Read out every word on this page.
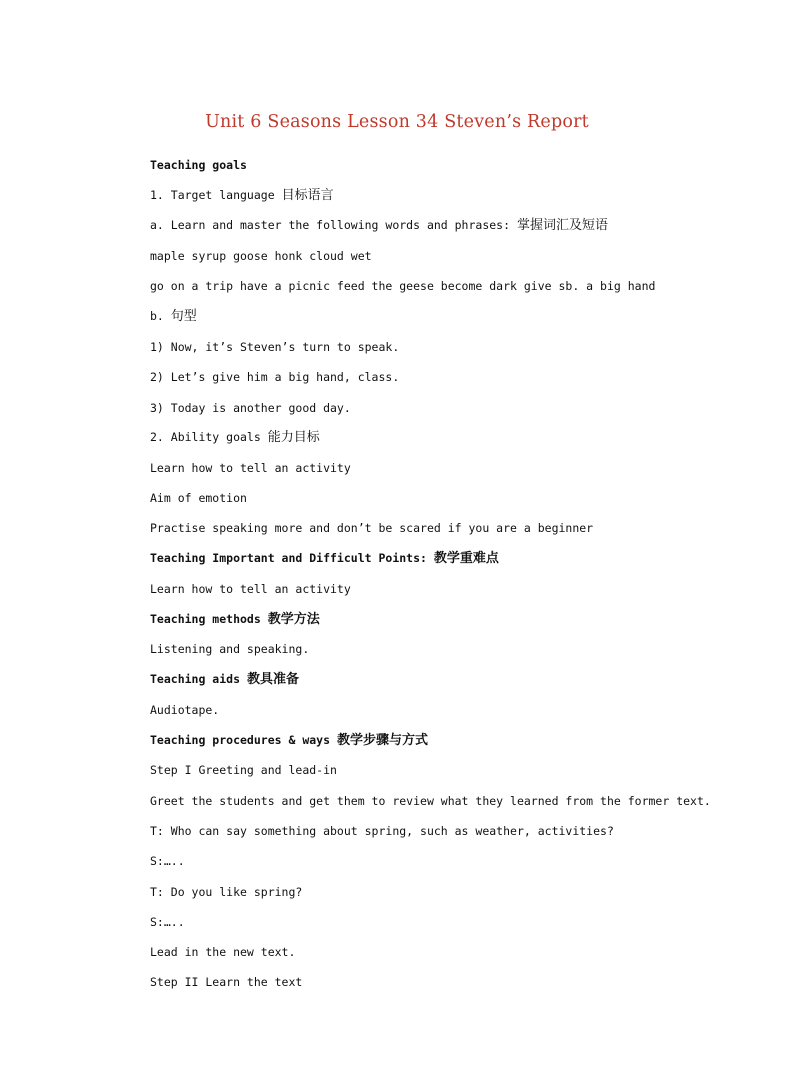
Unit 6 Seasons Lesson 34 Steven’s Report
Teaching goals
1. Target language 目标语言
a. Learn and master the following words and phrases: 掌握词汇及短语
maple syrup goose honk cloud wet
go on a trip have a picnic feed the geese become dark give sb. a big hand
b. 句型
1) Now, it’s Steven’s turn to speak.
2) Let’s give him a big hand, class.
3) Today is another good day.
2. Ability goals 能力目标
Learn how to tell an activity
Aim of emotion
Practise speaking more and don’t be scared if you are a beginner
Teaching Important and Difficult Points: 教学重难点
Learn how to tell an activity
Teaching methods 教学方法
Listening and speaking.
Teaching aids 教具准备
Audiotape.
Teaching procedures & ways 教学步骤与方式
Step I Greeting and lead-in
Greet the students and get them to review what they learned from the former text.
T: Who can say something about spring, such as weather, activities?
S:…..
T: Do you like spring?
S:…..
Lead in the new text.
Step II Learn the text
